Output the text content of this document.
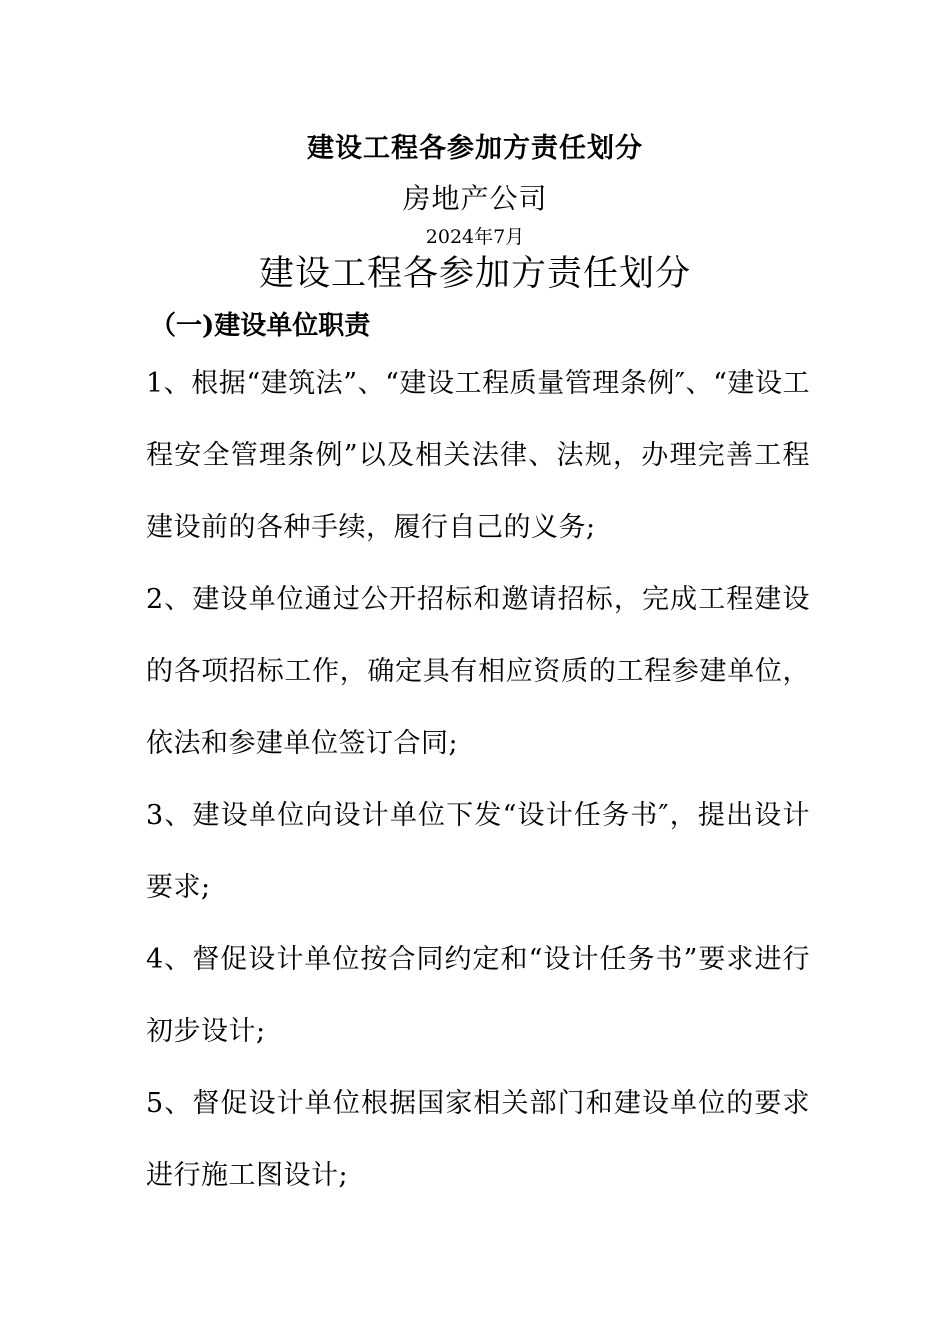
建设工程各参加方责任划分
房地产公司
2024年7月
建设工程各参加方责任划分
（一)建设单位职责

1、根据“建筑法”、“建设工程质量管理条例″、“建设工程安全管理条例”以及相关法律、法规，办理完善工程建设前的各种手续，履行自己的义务;

2、建设单位通过公开招标和邀请招标，完成工程建设的各项招标工作，确定具有相应资质的工程参建单位，依法和参建单位签订合同;

3、建设单位向设计单位下发“设计任务书″，提出设计要求;

4、督促设计单位按合同约定和“设计任务书”要求进行初步设计;

5、督促设计单位根据国家相关部门和建设单位的要求进行施工图设计;
